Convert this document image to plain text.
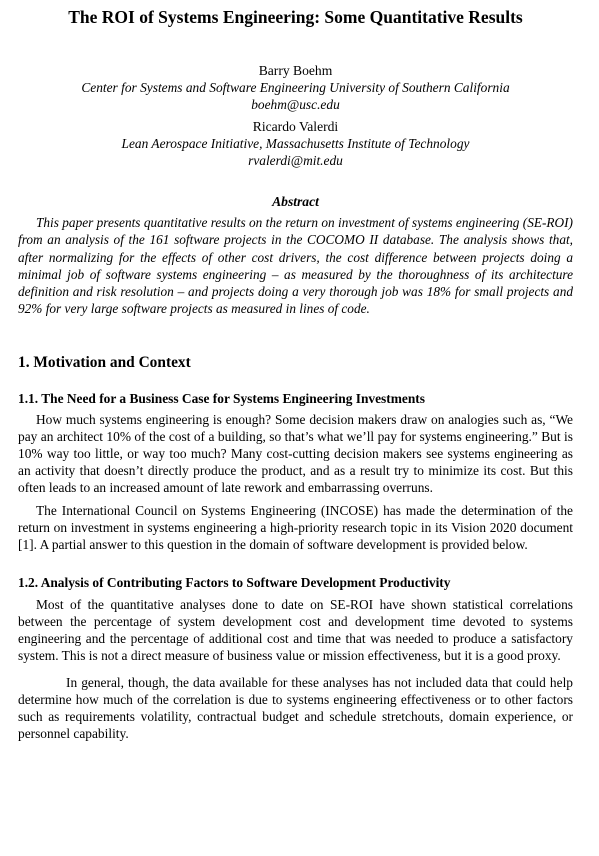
The ROI of Systems Engineering: Some Quantitative Results
Barry Boehm
Center for Systems and Software Engineering University of Southern California
boehm@usc.edu
Ricardo Valerdi
Lean Aerospace Initiative, Massachusetts Institute of Technology
rvalerdi@mit.edu
Abstract
This paper presents quantitative results on the return on investment of systems engineering (SE-ROI) from an analysis of the 161 software projects in the COCOMO II database. The analysis shows that, after normalizing for the effects of other cost drivers, the cost difference between projects doing a minimal job of software systems engineering – as measured by the thoroughness of its architecture definition and risk resolution – and projects doing a very thorough job was 18% for small projects and 92% for very large software projects as measured in lines of code.
1. Motivation and Context
1.1. The Need for a Business Case for Systems Engineering Investments
How much systems engineering is enough? Some decision makers draw on analogies such as, “We pay an architect 10% of the cost of a building, so that’s what we’ll pay for systems engineering.” But is 10% way too little, or way too much? Many cost-cutting decision makers see systems engineering as an activity that doesn’t directly produce the product, and as a result try to minimize its cost. But this often leads to an increased amount of late rework and embarrassing overruns.
The International Council on Systems Engineering (INCOSE) has made the determination of the return on investment in systems engineering a high-priority research topic in its Vision 2020 document [1]. A partial answer to this question in the domain of software development is provided below.
1.2. Analysis of Contributing Factors to Software Development Productivity
Most of the quantitative analyses done to date on SE-ROI have shown statistical correlations between the percentage of system development cost and development time devoted to systems engineering and the percentage of additional cost and time that was needed to produce a satisfactory system. This is not a direct measure of business value or mission effectiveness, but it is a good proxy.
In general, though, the data available for these analyses has not included data that could help determine how much of the correlation is due to systems engineering effectiveness or to other factors such as requirements volatility, contractual budget and schedule stretchouts, domain experience, or personnel capability.
